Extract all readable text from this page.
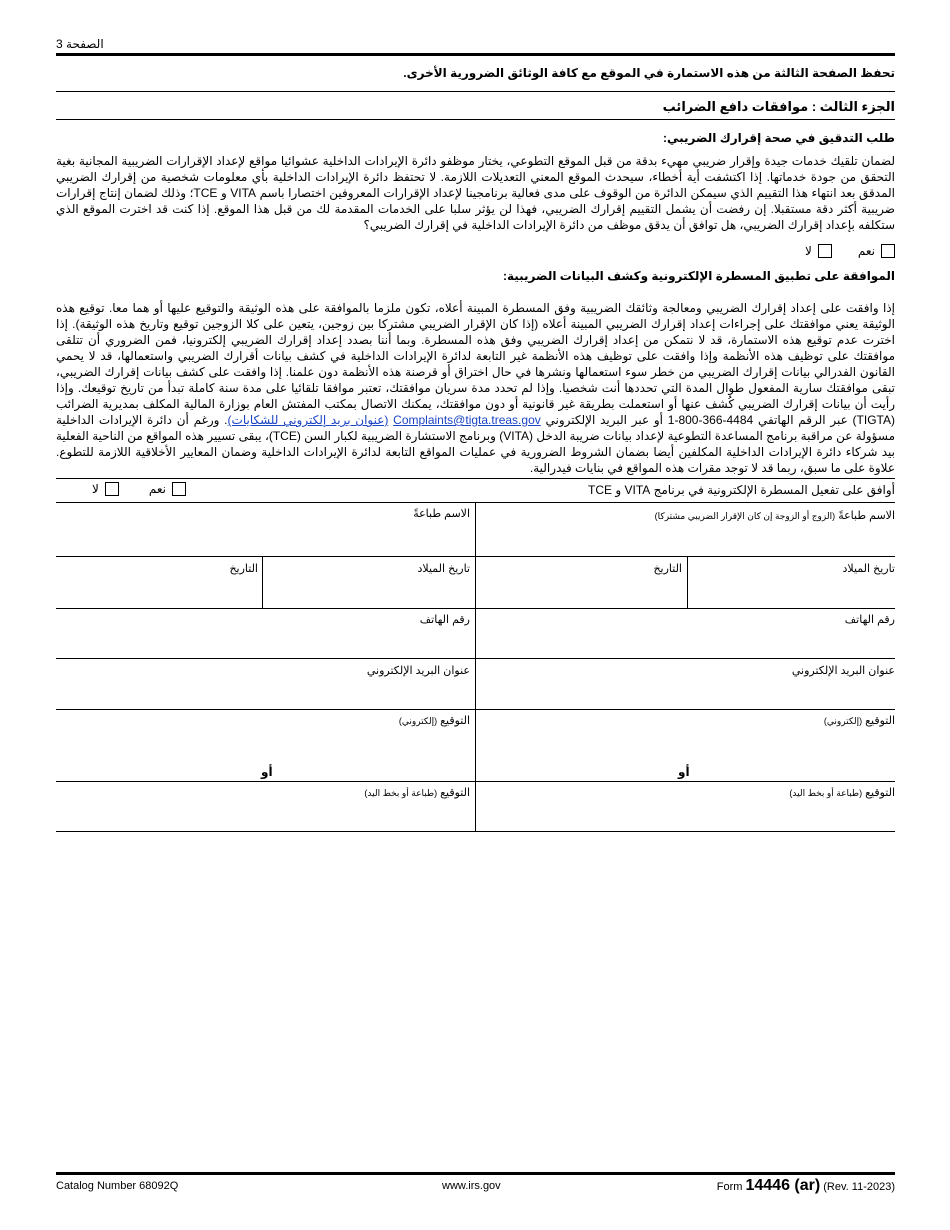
الصفحة 3
تحفظ الصفحة الثالثة من هذه الاستمارة في الموقع مع كافة الوثائق الضرورية الأخرى.
الجزء الثالث : موافقات دافع الضرائب
طلب التدقيق في صحة إقرارك الضريبي:

لضمان تلقيك خدمات جيدة وإقرار ضريبي مهيء بدقة من قبل الموقع التطوعي، يختار موظفو دائرة الإيرادات الداخلية عشوائيا مواقع لإعداد الإقرارات الضريبية المجانية بغية التحقق من جودة خدماتها. إذا اكتشفت أية أخطاء، سيحدث الموقع المعني التعديلات اللازمة. لا تحتفظ دائرة الإيرادات الداخلية بأي معلومات شخصية من إقرارك الضريبي المدقق بعد انتهاء هذا التقييم الذي سيمكن الدائرة من الوقوف على مدى فعالية برنامجينا لإعداد الإقرارات المعروفين اختصارا باسم VITA و TCE؛ وذلك لضمان إنتاج إقرارات ضريبية أكثر دقة مستقبلا. إن رفضت أن يشمل التقييم إقرارك الضريبي، فهذا لن يؤثر سلبا على الخدمات المقدمة لك من قبل هذا الموقع. إذا كنت قد اخترت الموقع الذي ستكلفه بإعداد إقرارك الضريبي، هل توافق أن يدقق موظف من دائرة الإيرادات الداخلية في إقرارك الضريبي؟

نعم
لا
الموافقة على تطبيق المسطرة الإلكترونية وكشف البيانات الضريبية:

إذا وافقت على إعداد إقرارك الضريبي ومعالجة وثائقك الضريبية وفق المسطرة المبينة أعلاه، تكون ملزما بالموافقة على هذه الوثيقة والتوقيع عليها أو هما معا. توقيع هذه الوثيقة يعني موافقتك على إجراءات إعداد إقرارك الضريبي المبينة أعلاه (إذا كان الإقرار الضريبي مشتركا بين زوجين، يتعين على كلا الزوجين توقيع وتاريخ هذه الوثيقة). إذا اخترت عدم توقيع هذه الاستمارة، قد لا نتمكن من إعداد إقرارك الضريبي وفق هذه المسطرة. وبما أننا بصدد إعداد إقرارك الضريبي إلكترونيا، فمن الضروري أن تتلقى موافقتك على توظيف هذه الأنظمة وإذا وافقت على توظيف هذه الأنظمة غير التابعة لدائرة الإيرادات الداخلية في كشف بيانات أقرارك الضريبي واستعمالها، قد لا يحمي القانون الفدرالي بيانات إقرارك الضريبي من خطر سوء استعمالها ونشرها في حال اختراق أو قرصنة هذه الأنظمة دون علمنا. إذا وافقت على كشف بيانات إقرارك الضريبي، تبقى موافقتك سارية المفعول طوال المدة التي تحددها أنت شخصيا. وإذا لم تحدد مدة سريان موافقتك، تعتبر موافقا تلقائيا على مدة سنة كاملة تبدأ من تاريخ توقيعك. وإذا رأيت أن بيانات إقرارك الضريبي كُشف عنها أو استعملت بطريقة غير قانونية أو دون موافقتك، يمكنك الاتصال بمكتب المفتش العام بوزارة المالية المكلف بمديرية الضرائب (TIGTA) عبر الرقم الهاتفي 4484-366-800-1 أو عبر البريد الإلكتروني Complaints@tigta.treas.gov (عنوان بريد إلكتروني للشكايات). ورغم أن دائرة الإيرادات الداخلية مسؤولة عن مراقبة برنامج المساعدة التطوعية لإعداد بيانات ضريبة الدخل (VITA) وبرنامج الاستشارة الضريبية لكبار السن (TCE)، يبقى تسيير هذه المواقع من الناحية الفعلية بيد شركاء دائرة الإيرادات الداخلية المكلفين أيضا بضمان الشروط الضرورية في عمليات المواقع التابعة لدائرة الإيرادات الداخلية وضمان المعايير الأخلاقية اللازمة للتطوع. علاوة على ما سبق، ربما قد لا توجد مقرات هذه المواقع في بنايات فيدرالية.

أوافق على تفعيل المسطرة الإلكترونية في برنامج VITA و TCE
نعم
لا
الاسم طباعةً (الزوج أو الزوجة إن كان الإقرار الضريبي مشتركا)
الاسم طباعةً
تاريخ الميلاد
التاريخ
تاريخ الميلاد
التاريخ
رقم الهاتف
رقم الهاتف
عنوان البريد الإلكتروني
عنوان البريد الإلكتروني
التوقيع (إلكتروني)
التوقيع (إلكتروني)
أو
أو
التوقيع (طباعة أو بخط اليد)
التوقيع (طباعة أو بخط اليد)
Catalog Number 68092Q	www.irs.gov	Form 14446 (ar) (Rev. 11-2023)
